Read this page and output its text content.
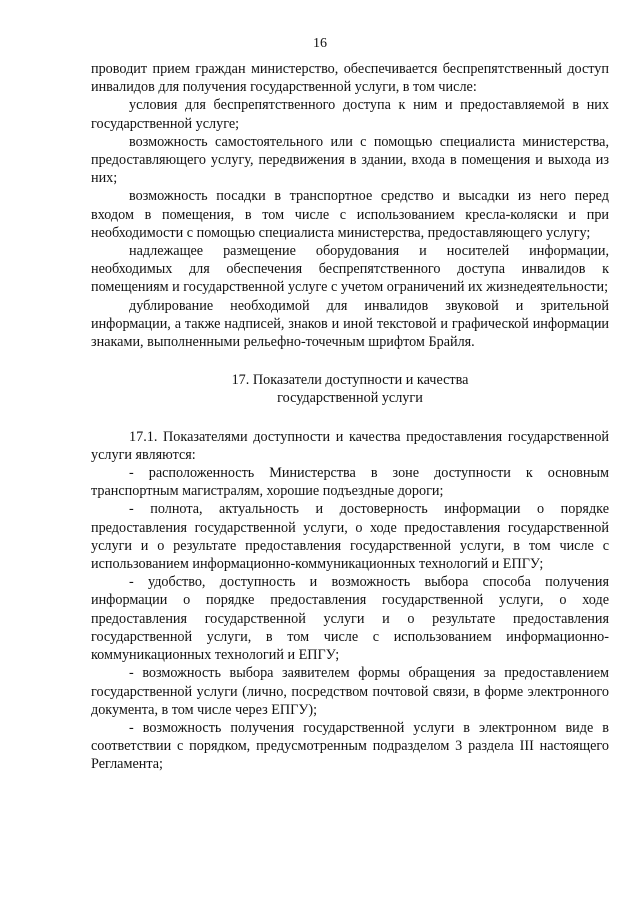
16

проводит прием граждан министерство, обеспечивается беспрепятственный доступ инвалидов для получения государственной услуги, в том числе:

условия для беспрепятственного доступа к ним и предоставляемой в них государственной услуге;

возможность самостоятельного или с помощью специалиста министерства, предоставляющего услугу, передвижения в здании, входа в помещения и выхода из них;

возможность посадки в транспортное средство и высадки из него перед входом в помещения, в том числе с использованием кресла-коляски и при необходимости с помощью специалиста министерства, предоставляющего услугу;

надлежащее размещение оборудования и носителей информации, необходимых для обеспечения беспрепятственного доступа инвалидов к помещениям и государственной услуге с учетом ограничений их жизнедеятельности;

дублирование необходимой для инвалидов звуковой и зрительной информации, а также надписей, знаков и иной текстовой и графической информации знаками, выполненными рельефно-точечным шрифтом Брайля.

17. Показатели доступности и качества
государственной услуги

17.1. Показателями доступности и качества предоставления государственной услуги являются:

- расположенность Министерства в зоне доступности к основным транспортным магистралям, хорошие подъездные дороги;

- полнота, актуальность и достоверность информации о порядке предоставления государственной услуги, о ходе предоставления государственной услуги и о результате предоставления государственной услуги, в том числе с использованием информационно-коммуникационных технологий и ЕПГУ;

- удобство, доступность и возможность выбора способа получения информации о порядке предоставления государственной услуги, о ходе предоставления государственной услуги и о результате предоставления государственной услуги, в том числе с использованием информационно-коммуникационных технологий и ЕПГУ;

- возможность выбора заявителем формы обращения за предоставлением государственной услуги (лично, посредством почтовой связи, в форме электронного документа, в том числе через ЕПГУ);

- возможность получения государственной услуги в электронном виде в соответствии с порядком, предусмотренным подразделом 3 раздела III настоящего Регламента;
